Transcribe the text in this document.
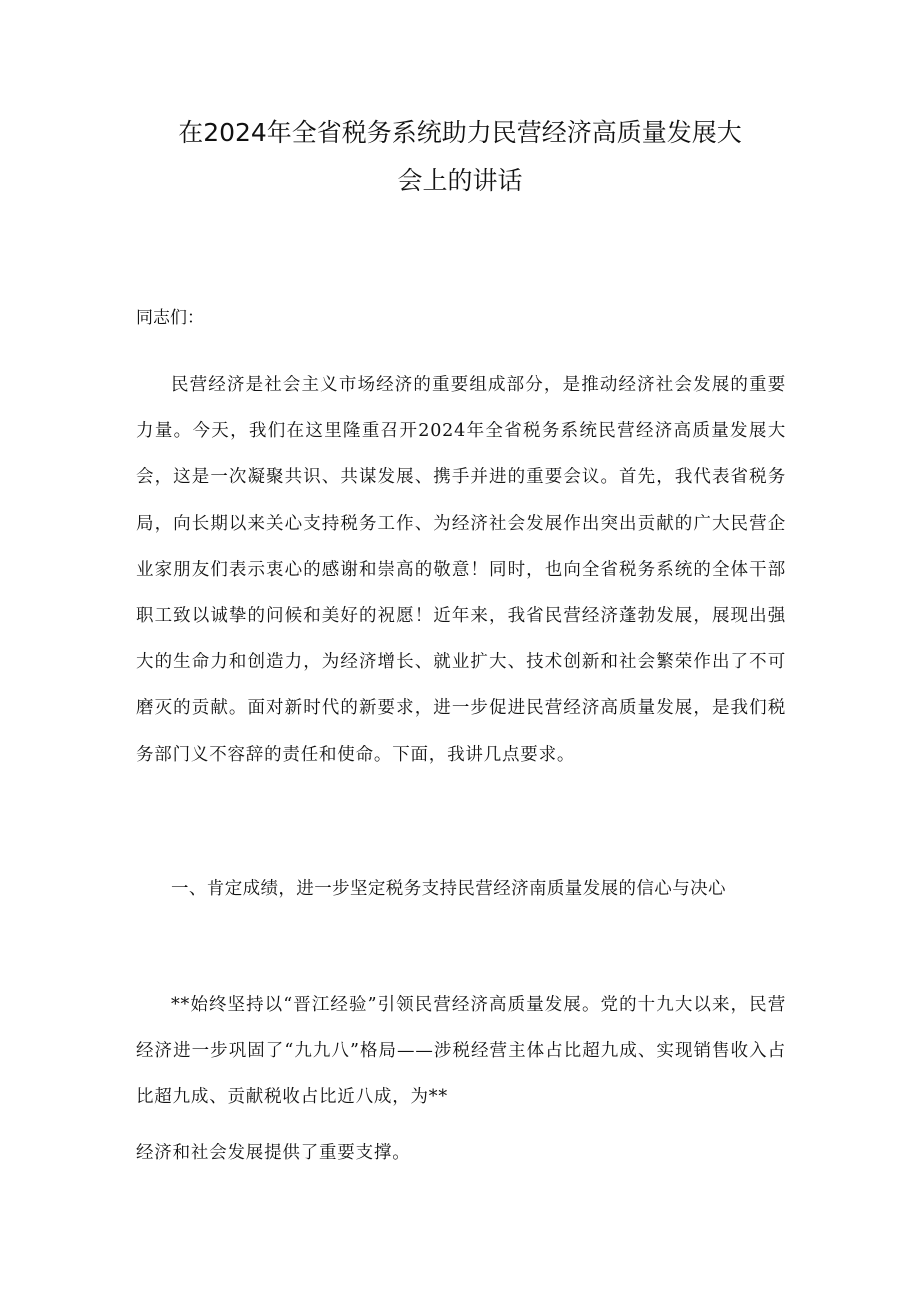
在2024年全省税务系统助力民营经济高质量发展大
会上的讲话
同志们：
民营经济是社会主义市场经济的重要组成部分，是推动经济社会发展的重要力量。今天，我们在这里隆重召开2024年全省税务系统民营经济高质量发展大会，这是一次凝聚共识、共谋发展、携手并进的重要会议。首先，我代表省税务局，向长期以来关心支持税务工作、为经济社会发展作出突出贡献的广大民营企业家朋友们表示衷心的感谢和崇高的敬意！同时，也向全省税务系统的全体干部职工致以诚挚的问候和美好的祝愿！近年来，我省民营经济蓬勃发展，展现出强大的生命力和创造力，为经济增长、就业扩大、技术创新和社会繁荣作出了不可磨灭的贡献。面对新时代的新要求，进一步促进民营经济高质量发展，是我们税务部门义不容辞的责任和使命。下面，我讲几点要求。
一、肯定成绩，进一步坚定税务支持民营经济南质量发展的信心与决心
**始终坚持以“晋江经验”引领民营经济高质量发展。党的十九大以来，民营经济进一步巩固了“九九八”格局——涉税经营主体占比超九成、实现销售收入占比超九成、贡献税收占比近八成，为**
经济和社会发展提供了重要支撑。
